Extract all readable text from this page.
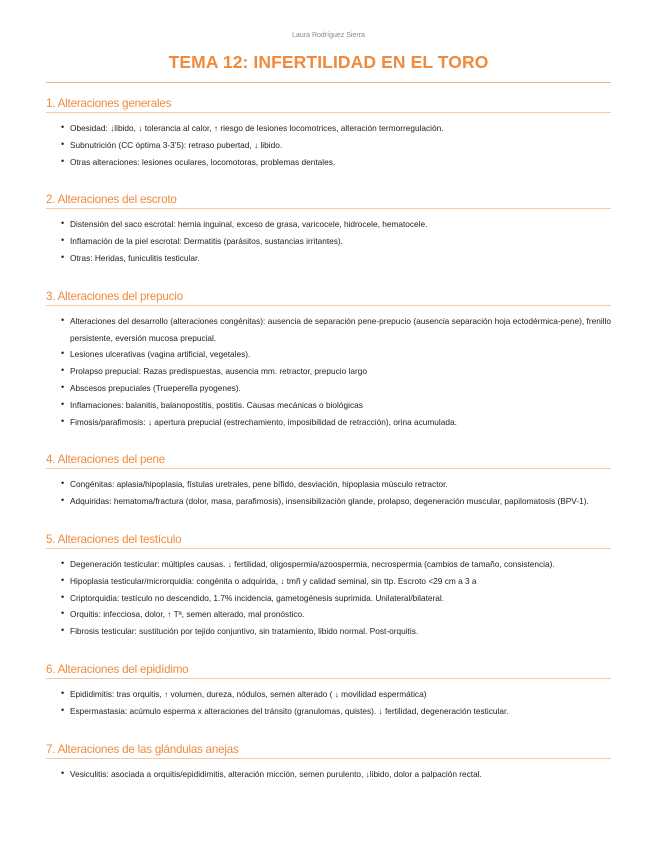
Laura Rodríguez Sierra
TEMA 12: INFERTILIDAD EN EL TORO
1. Alteraciones generales
• Obesidad: ↓libido, ↓ tolerancia al calor, ↑ riesgo de lesiones locomotrices, alteración termorregulación.
• Subnutrición (CC óptima 3-3’5): retraso pubertad, ↓ libido.
• Otras alteraciones: lesiones oculares, locomotoras, problemas dentales.
2. Alteraciones del escroto
• Distensión del saco escrotal: hernia inguinal, exceso de grasa, varicocele, hidrocele, hematocele.
• Inflamación de la piel escrotal: Dermatitis (parásitos, sustancias irritantes).
• Otras: Heridas, funiculitis testicular.
3. Alteraciones del prepucio
• Alteraciones del desarrollo (alteraciones congénitas): ausencia de separación pene-prepucio (ausencia separación hoja ectodérmica-pene), frenillo persistente, eversión mucosa prepucial.
• Lesiones ulcerativas (vagina artificial, vegetales).
• Prolapso prepucial: Razas predispuestas, ausencia mm. retractor, prepucio largo
• Abscesos prepuciales (Trueperella pyogenes).
• Inflamaciones: balanitis, balanopostitis, postitis. Causas mecánicas o biológicas
• Fimosis/parafimosis: ↓ apertura prepucial (estrechamiento, imposibilidad de retracción), orina acumulada.
4. Alteraciones del pene
• Congénitas: aplasia/hipoplasia, fístulas uretrales, pene bífido, desviación, hipoplasia músculo retractor.
• Adquiridas: hematoma/fractura (dolor, masa, parafimosis), insensibilización glande, prolapso, degeneración muscular, papilomatosis (BPV-1).
5. Alteraciones del testículo
• Degeneración testicular: múltiples causas. ↓ fertilidad, oligospermia/azoospermia, necrospermia (cambios de tamaño, consistencia).
• Hipoplasia testicular/microrquidia: congénita o adquirida, ↓ tmñ y calidad seminal, sin ttp. Escroto <29 cm a 3 a
• Criptorquidia: testículo no descendido, 1.7% incidencia, gametogénesis suprimida. Unilateral/bilateral.
• Orquitis: infecciosa, dolor, ↑ Tª, semen alterado, mal pronóstico.
• Fibrosis testicular: sustitución por tejido conjuntivo, sin tratamiento, libido normal. Post-orquitis.
6. Alteraciones del epidídimo
• Epididimitis: tras orquitis, ↑ volumen, dureza, nódulos, semen alterado ( ↓ movilidad espermática)
• Espermastasia: acúmulo esperma x alteraciones del tránsito (granulomas, quistes). ↓ fertilidad, degeneración testicular.
7. Alteraciones de las glándulas anejas
• Vesiculitis: asociada a orquitis/epididimitis, alteración micción, semen purulento, ↓libido, dolor a palpación rectal.
